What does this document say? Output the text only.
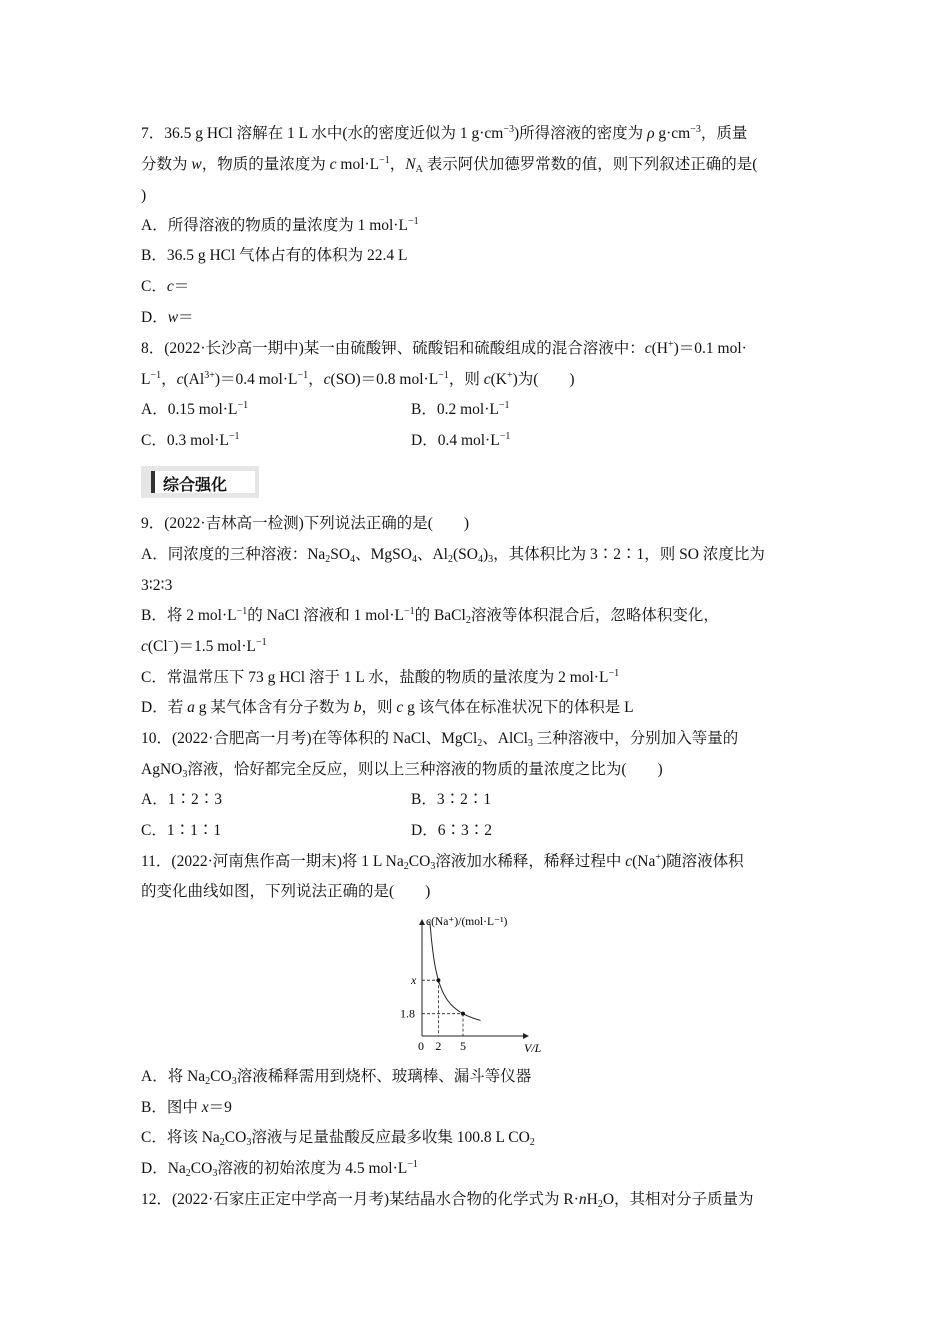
7．36.5 g HCl 溶解在 1 L 水中(水的密度近似为 1 $g\cdot cm^{-3}$)所得溶液的密度为 ρ $g\cdot cm^{-3}$，质量
分数为 w，物质的量浓度为 c $mol\cdot L^{-1}$，$N_A$ 表示阿伏加德罗常数的值，则下列叙述正确的是(
)
A．所得溶液的物质的量浓度为 1 $mol\cdot L^{-1}$
B．36.5 g HCl 气体占有的体积为 22.4 L
C．c＝
D．w＝
8．(2022·长沙高一期中)某一由硫酸钾、硫酸铝和硫酸组成的混合溶液中：c(H+)＝0.1 mol·
$L^{-1}$，$c(Al^{3+})=0.4$ $mol\cdot L^{-1}$，c(SO)＝0.8 $mol\cdot L^{-1}$，则 c(K+)为(　　)
A．0.15 $mol\cdot L^{-1}$	B．0.2 $mol\cdot L^{-1}$
C．0.3 $mol\cdot L^{-1}$	D．0.4 $mol\cdot L^{-1}$
综合强化
9．(2022·吉林高一检测)下列说法正确的是(　　)
A．同浓度的三种溶液：$Na_2SO_4$、MgSO$_4$、$Al_2(SO_4)_3$，其体积比为 3∶2∶1，则 SO 浓度比为
3∶2∶3
B．将 2 $mol\cdot L^{-1}$的 NaCl 溶液和 1 $mol\cdot L^{-1}$的 BaCl$_2$溶液等体积混合后，忽略体积变化，
c(Cl−)＝1.5 $mol\cdot L^{-1}$
C．常温常压下 73 g HCl 溶于 1 L 水，盐酸的物质的量浓度为 2 $mol\cdot L^{-1}$
D．若 a g 某气体含有分子数为 b，则 c g 该气体在标准状况下的体积是 L
10．(2022·合肥高一月考)在等体积的 NaCl、MgCl$_2$、AlCl$_3$ 三种溶液中，分别加入等量的
AgNO$_3$溶液，恰好都完全反应，则以上三种溶液的物质的量浓度之比为(　　)
A．1∶2∶3	B．3∶2∶1
C．1∶1∶1	D．6∶3∶2
11．(2022·河南焦作高一期末)将 1 L $Na_2CO_3$溶液加水稀释，稀释过程中 c(Na+)随溶液体积
的变化曲线如图，下列说法正确的是(　　)
c(Na⁺)/(mol·L⁻¹)
V/L
2
x
5
1.8
0
A．将 $Na_2CO_3$溶液稀释需用到烧杯、玻璃棒、漏斗等仪器
B．图中 x＝9
C．将该 $Na_2CO_3$溶液与足量盐酸反应最多收集 100.8 L $CO_2$
D．$Na_2CO_3$溶液的初始浓度为 4.5 $mol\cdot L^{-1}$
12．(2022·石家庄正定中学高一月考)某结晶水合物的化学式为 $R\cdot nH_2O$，其相对分子质量为
